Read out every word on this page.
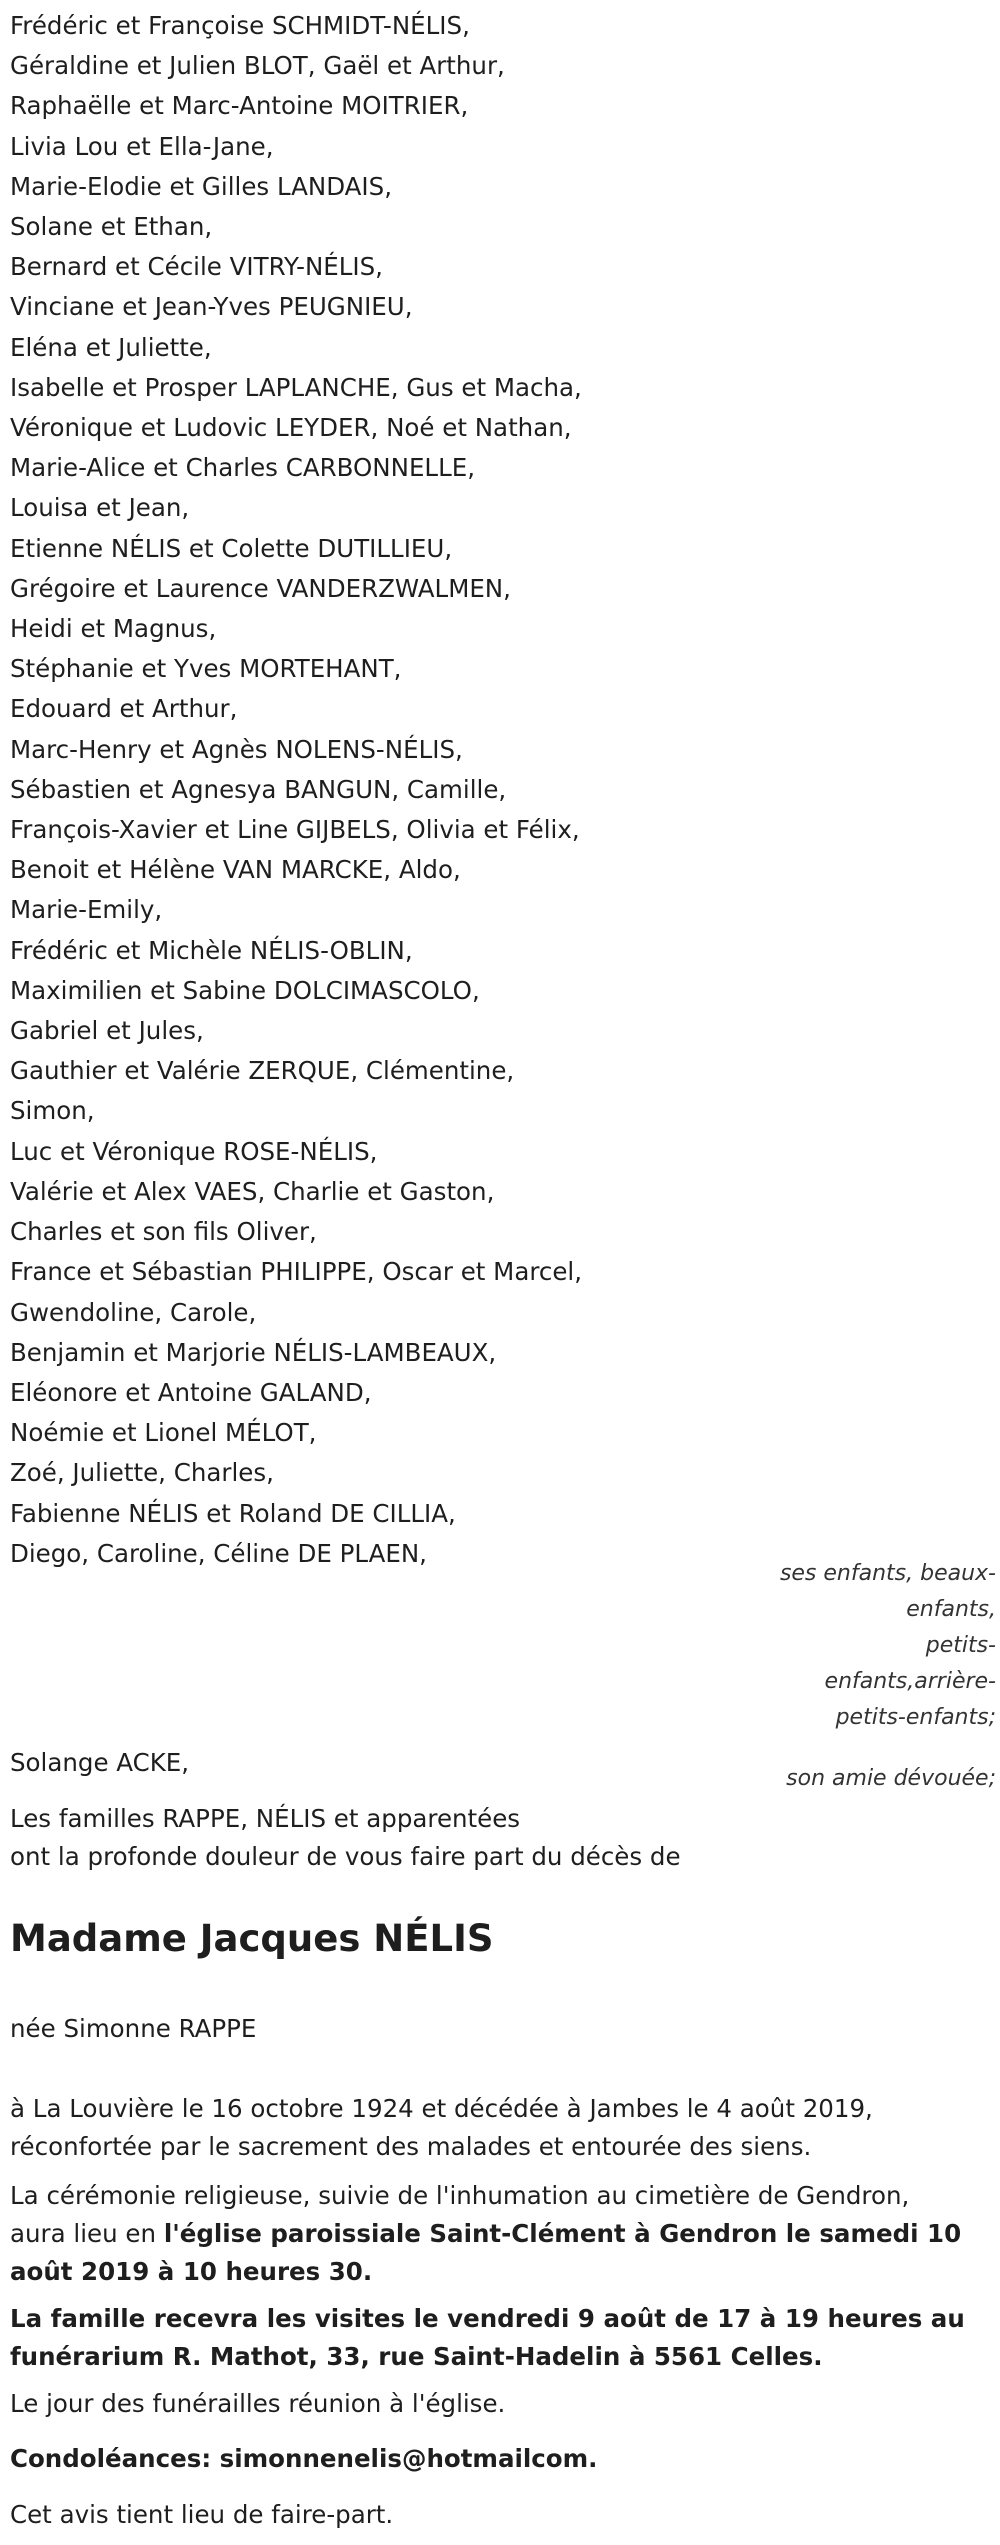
Frédéric et Françoise SCHMIDT-NÉLIS,
Géraldine et Julien BLOT, Gaël et Arthur,
Raphaëlle et Marc-Antoine MOITRIER,
Livia Lou et Ella-Jane,
Marie-Elodie et Gilles LANDAIS,
Solane et Ethan,
Bernard et Cécile VITRY-NÉLIS,
Vinciane et Jean-Yves PEUGNIEU,
Eléna et Juliette,
Isabelle et Prosper LAPLANCHE, Gus et Macha,
Véronique et Ludovic LEYDER, Noé et Nathan,
Marie-Alice et Charles CARBONNELLE,
Louisa et Jean,
Etienne NÉLIS et Colette DUTILLIEU,
Grégoire et Laurence VANDERZWALMEN,
Heidi et Magnus,
Stéphanie et Yves MORTEHANT,
Edouard et Arthur,
Marc-Henry et Agnès NOLENS-NÉLIS,
Sébastien et Agnesya BANGUN, Camille,
François-Xavier et Line GIJBELS, Olivia et Félix,
Benoit et Hélène VAN MARCKE, Aldo,
Marie-Emily,
Frédéric et Michèle NÉLIS-OBLIN,
Maximilien et Sabine DOLCIMASCOLO,
Gabriel et Jules,
Gauthier et Valérie ZERQUE, Clémentine,
Simon,
Luc et Véronique ROSE-NÉLIS,
Valérie et Alex VAES, Charlie et Gaston,
Charles et son fils Oliver,
France et Sébastian PHILIPPE, Oscar et Marcel,
Gwendoline, Carole,
Benjamin et Marjorie NÉLIS-LAMBEAUX,
Eléonore et Antoine GALAND,
Noémie et Lionel MÉLOT,
Zoé, Juliette, Charles,
Fabienne NÉLIS et Roland DE CILLIA,
Diego, Caroline, Céline DE PLAEN,
ses enfants, beaux-
enfants,
petits-
enfants,arrière-
petits-enfants;
Solange ACKE,
son amie dévouée;
Les familles RAPPE, NÉLIS et apparentées
ont la profonde douleur de vous faire part du décès de
Madame Jacques NÉLIS
née Simonne RAPPE
à La Louvière le 16 octobre 1924 et décédée à Jambes le 4 août 2019,
réconfortée par le sacrement des malades et entourée des siens.
La cérémonie religieuse, suivie de l'inhumation au cimetière de Gendron,
aura lieu en l'église paroissiale Saint-Clément à Gendron le samedi 10 août 2019 à 10 heures 30.
La famille recevra les visites le vendredi 9 août de 17 à 19 heures au funérarium R. Mathot, 33, rue Saint-Hadelin à 5561 Celles.
Le jour des funérailles réunion à l'église.
Condoléances: simonnenelis@hotmailcom.
Cet avis tient lieu de faire-part.
